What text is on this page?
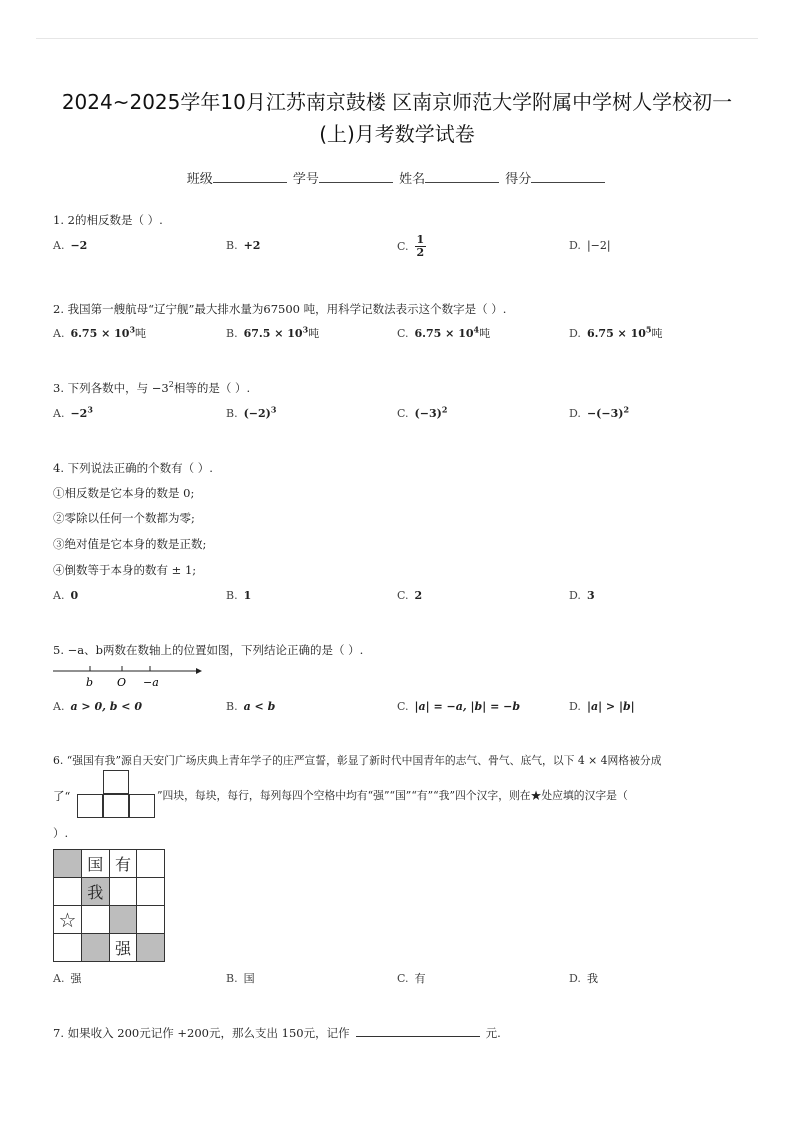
2024~2025学年10月江苏南京鼓楼 区南京师范大学附属中学树人学校初一
(上)月考数学试卷
班级	学号	姓名	得分
1. 2的相反数是（ ）.
A. −2	B. +2	C. $\frac{1}{2}$	D. |−2|
2. 我国第一艘航母“辽宁舰”最大排水量为67500 吨，用科学记数法表示这个数字是（ ）.
A. $6.75 \times 10^3$吨	B. $67.5 \times 10^3$吨	C. $6.75 \times 10^4$吨	D. $6.75 \times 10^5$吨
3. 下列各数中，与 $-3^2$相等的是（ ）.
A. $-2^3$	B. $(-2)^3$	C. $(-3)^2$	D. $-(-3)^2$
4. 下列说法正确的个数有（ ）.
①相反数是它本身的数是 0;
②零除以任何一个数都为零;
③绝对值是它本身的数是正数;
④倒数等于本身的数有 ± 1;
A. 0	B. 1	C. 2	D. 3
5. −a、b两数在数轴上的位置如图，下列结论正确的是（ ）.
b O −a
A. a > 0, b < 0	B. a < b	C. |a| = −a, |b| = −b	D. |a| > |b|
6. “强国有我”源自天安门广场庆典上青年学子的庄严宣誓，彰显了新时代中国青年的志气、骨气、底气，以下 4 × 4网格被分成
了“	”四块，每块，每行，每列每四个空格中均有“强”“国”“有”“我”四个汉字，则在★处应填的汉字是（
）.
	国	有	
	我		
☆			
		强	
A. 强	B. 国	C. 有	D. 我
7. 如果收入 200元记作 +200元，那么支出 150元，记作	元.
